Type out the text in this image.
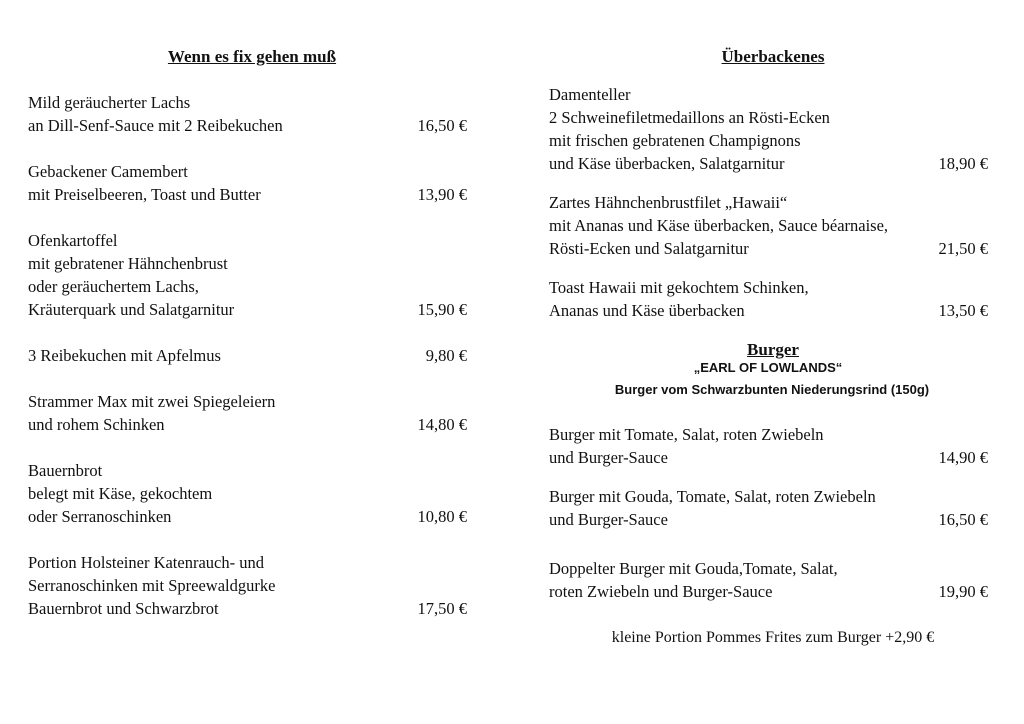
Wenn es fix gehen muß	Überbackenes
Burger
„EARL OF LOWLANDS“
Burger vom Schwarzbunten Niederungsrind (150g)
kleine Portion Pommes Frites zum Burger +2,90 €
Mild geräucherter Lachs
an Dill-Senf-Sauce mit 2 Reibekuchen	16,50 €
Gebackener Camembert
mit Preiselbeeren, Toast und Butter	13,90 €
Ofenkartoffel
mit gebratener Hähnchenbrust
oder geräuchertem Lachs,
Kräuterquark und Salatgarnitur	15,90 €
3 Reibekuchen mit Apfelmus	9,80 €
Strammer Max mit zwei Spiegeleiern
und rohem Schinken	14,80 €
Bauernbrot
belegt mit Käse, gekochtem
oder Serranoschinken	10,80 €
Portion Holsteiner Katenrauch- und
Serranoschinken mit Spreewaldgurke
Bauernbrot und Schwarzbrot	17,50 €
Damenteller
2 Schweinefiletmedaillons an Rösti-Ecken
mit frischen gebratenen Champignons
und Käse überbacken, Salatgarnitur	18,90 €
Zartes Hähnchenbrustfilet „Hawaii“
mit Ananas und Käse überbacken, Sauce béarnaise,
Rösti-Ecken und Salatgarnitur	21,50 €
Toast Hawaii mit gekochtem Schinken,
Ananas und Käse überbacken	13,50 €
Burger mit Tomate, Salat, roten Zwiebeln
und Burger-Sauce	14,90 €
Burger mit Gouda, Tomate, Salat, roten Zwiebeln
und Burger-Sauce	16,50 €
Doppelter Burger mit Gouda,Tomate, Salat,
roten Zwiebeln und Burger-Sauce	19,90 €
